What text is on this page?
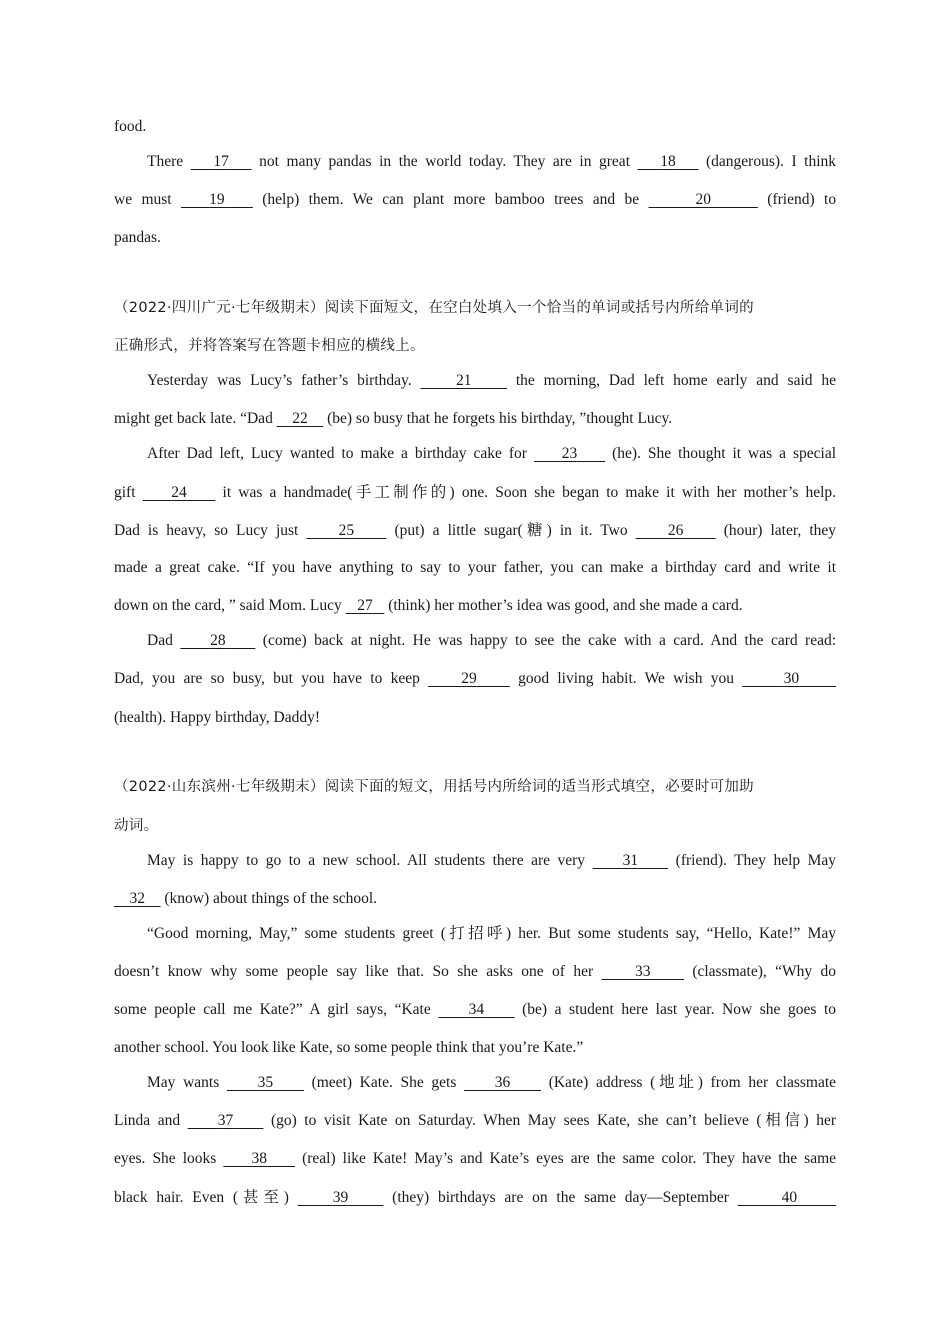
food.
There 17 not many pandas in the world today. They are in great 18 (dangerous). I think
we must 19 (help) them. We can plant more bamboo trees and be	20	(friend) to
pandas.
（2022·四川广元·七年级期末）阅读下面短文，在空白处填入一个恰当的单词或括号内所给单词的
正确形式，并将答案写在答题卡相应的横线上。
Yesterday was Lucy’s father’s birthday.	21	the morning, Dad left home early and said he
might get back late. “Dad 22 (be) so busy that he forgets his birthday, ”thought Lucy.
After Dad left, Lucy wanted to make a birthday cake for 23 (he). She thought it was a special
gift 24 it was a handmade(手工制作的) one. Soon she began to make it with her mother’s help.
Dad is heavy, so Lucy just	25	(put) a little sugar(糖) in it. Two	26	(hour) later, they
made a great cake. “If you have anything to say to your father, you can make a birthday card and write it
down on the card, ” said Mom. Lucy 27 (think) her mother’s idea was good, and she made a card.
Dad 28 (come) back at night. He was happy to see the cake with a card. And the card read:
Dad, you are so busy, but you have to keep	29	good living habit. We wish you	30
(health). Happy birthday, Daddy!
（2022·山东滨州·七年级期末）阅读下面的短文，用括号内所给词的适当形式填空，必要时可加助
动词。
May is happy to go to a new school. All students there are very 31 (friend). They help May
32 (know) about things of the school.
“Good morning, May,” some students greet (打招呼) her. But some students say, “Hello, Kate!” May
doesn’t know why some people say like that. So she asks one of her	33	(classmate), “Why do
some people call me Kate?” A girl says, “Kate 34 (be) a student here last year. Now she goes to
another school. You look like Kate, so some people think that you’re Kate.”
May wants 35 (meet) Kate. She gets 36 (Kate) address (地址) from her classmate
Linda and 37 (go) to visit Kate on Saturday. When May sees Kate, she can’t believe (相信) her
eyes. She looks 38 (real) like Kate! May’s and Kate’s eyes are the same color. They have the same
black hair. Even (甚至)	39	(they) birthdays are on the same day—September	40
